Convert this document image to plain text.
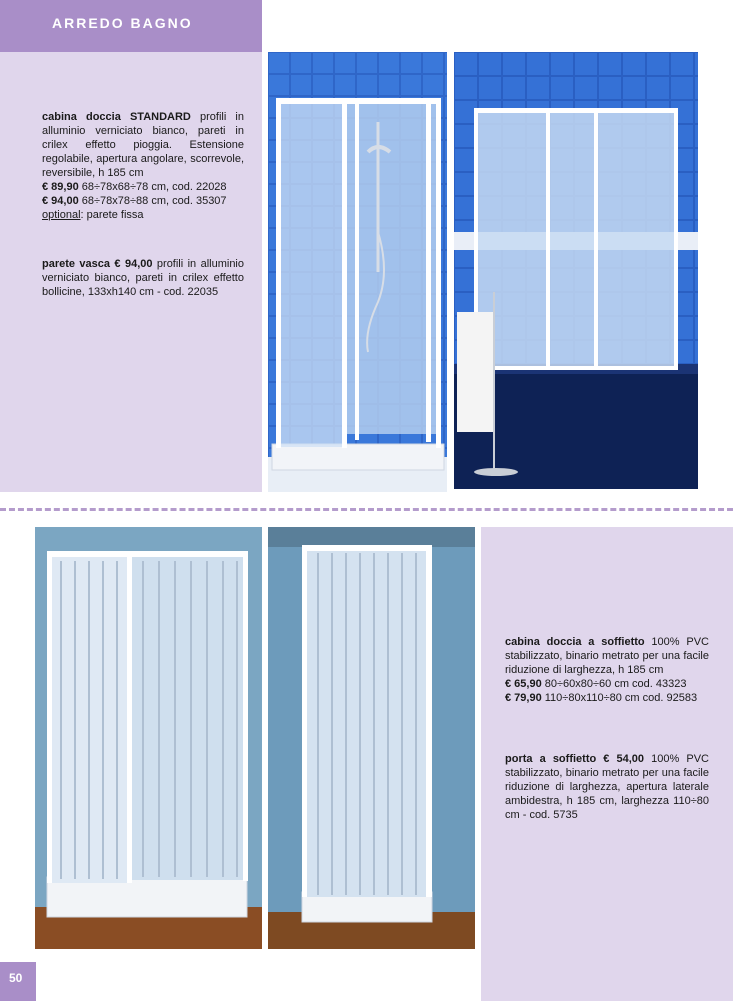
ARREDO BAGNO

cabina doccia STANDARD profili in alluminio verniciato bianco, pareti in crilex effetto pioggia. Estensione regolabile, apertura angolare, scorrevole, reversibile, h 185 cm

€ 89,90 68÷78x68÷78 cm, cod. 22028

€ 94,00 68÷78x78÷88 cm, cod. 35307

optional: parete fissa

parete vasca € 94,00 profili in alluminio verniciato bianco, pareti in crilex effetto bollicine, 133xh140 cm - cod. 22035

cabina doccia a soffietto 100% PVC stabilizzato, binario metrato per una facile riduzione di larghezza, h 185 cm

€ 65,90 80÷60x80÷60 cm cod. 43323

€ 79,90 110÷80x110÷80 cm cod. 92583

porta a soffietto € 54,00 100% PVC stabilizzato, binario metrato per una facile riduzione di larghezza, apertura laterale ambidestra, h 185 cm, larghezza 110÷80 cm - cod. 5735

50
